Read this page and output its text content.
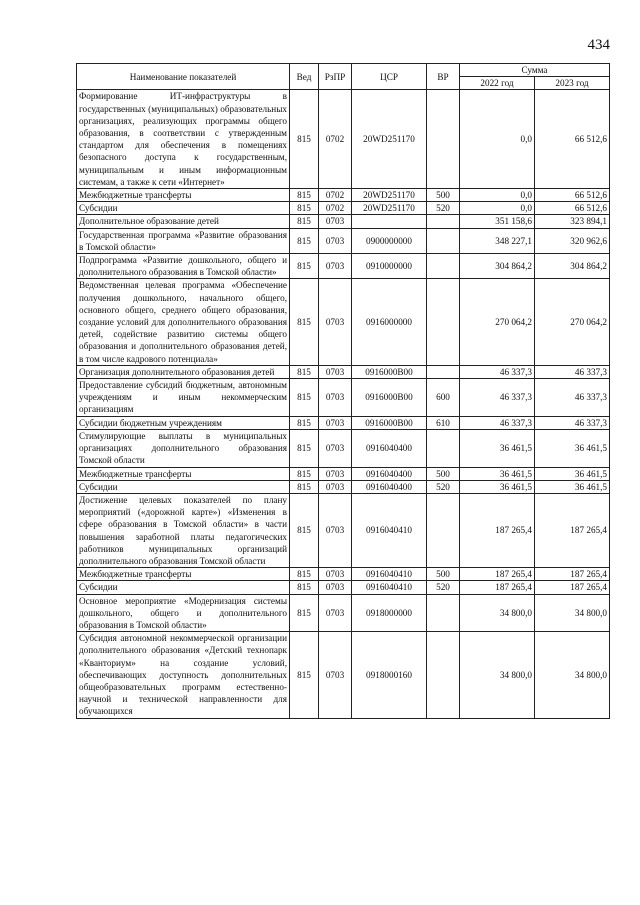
434
Наименование показателей	Вед	РзПР	ЦСР	ВР	Сумма	
					2022 год	2023 год
Формирование ИТ-инфраструктуры в государственных (муниципальных) образовательных организациях, реализующих программы общего образования, в соответствии с утвержденным стандартом для обеспечения в помещениях безопасного доступа к государственным, муниципальным и иным информационным системам, а также к сети «Интернет»	815	0702	20WD251170		0,0	66 512,6
Межбюджетные трансферты	815	0702	20WD251170	500	0,0	66 512,6
Субсидии	815	0702	20WD251170	520	0,0	66 512,6
Дополнительное образование детей	815	0703			351 158,6	323 894,1
Государственная программа «Развитие образования в Томской области»	815	0703	0900000000		348 227,1	320 962,6
Подпрограмма «Развитие дошкольного, общего и дополнительного образования в Томской области»	815	0703	0910000000		304 864,2	304 864,2
Ведомственная целевая программа «Обеспечение получения дошкольного, начального общего, основного общего, среднего общего образования, создание условий для дополнительного образования детей, содействие развитию системы общего образования и дополнительного образования детей, в том числе кадрового потенциала»	815	0703	0916000000		270 064,2	270 064,2
Организация дополнительного образования детей	815	0703	0916000B00		46 337,3	46 337,3
Предоставление субсидий бюджетным, автономным учреждениям и иным некоммерческим организациям	815	0703	0916000B00	600	46 337,3	46 337,3
Субсидии бюджетным учреждениям	815	0703	0916000B00	610	46 337,3	46 337,3
Стимулирующие выплаты в муниципальных организациях дополнительного образования Томской области	815	0703	0916040400		36 461,5	36 461,5
Межбюджетные трансферты	815	0703	0916040400	500	36 461,5	36 461,5
Субсидии	815	0703	0916040400	520	36 461,5	36 461,5
Достижение целевых показателей по плану мероприятий («дорожной карте») «Изменения в сфере образования в Томской области» в части повышения заработной платы педагогических работников муниципальных организаций дополнительного образования Томской области	815	0703	0916040410		187 265,4	187 265,4
Межбюджетные трансферты	815	0703	0916040410	500	187 265,4	187 265,4
Субсидии	815	0703	0916040410	520	187 265,4	187 265,4
Основное мероприятие «Модернизация системы дошкольного, общего и дополнительного образования в Томской области»	815	0703	0918000000		34 800,0	34 800,0
Субсидия автономной некоммерческой организации дополнительного образования «Детский технопарк «Кванториум» на создание условий, обеспечивающих доступность дополнительных общеобразовательных программ естественно-научной и технической направленности для обучающихся	815	0703	0918000160		34 800,0	34 800,0
